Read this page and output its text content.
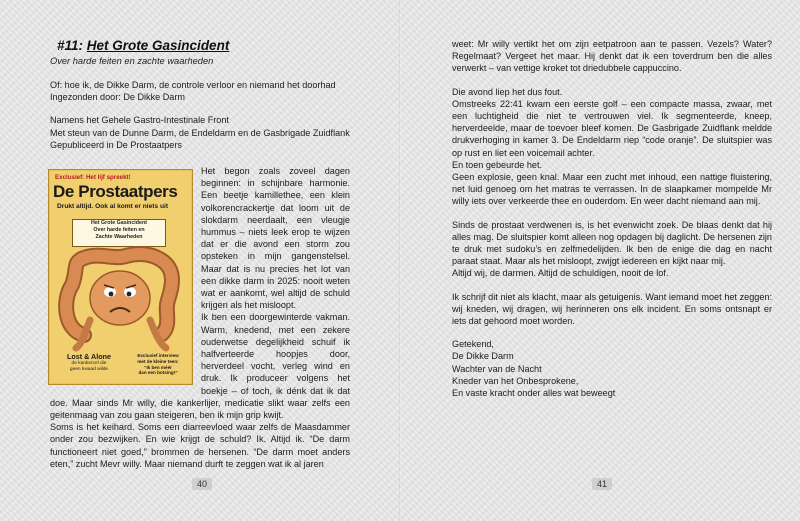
#11: Het Grote Gasincident
Over harde feiten en zachte waarheden

Of: hoe ik, de Dikke Darm, de controle verloor en niemand het doorhad

Ingezonden door: De Dikke Darm

Namens het Gehele Gastro-Intestinale Front

Met steun van de Dunne Darm, de Endeldarm en de Gasbrigade Zuidflank

Gepubliceerd in De Prostaatpers

Het begon zoals zoveel dagen beginnen: in schijnbare harmonie. Een beetje kamillethee, een klein volkorencrackertje dat loom uit de slokdarm neerdaalt, een vleugje hummus – niets leek erop te wijzen dat er die avond een storm zou opsteken in mijn gangenstelsel. Maar dat is nu precies het lot van een dikke darm in 2025: nooit weten wat er aankomt, wel altijd de schuld krijgen als het misloopt.

Ik ben een doorgewinterde vakman. Warm, knedend, met een zekere ouderwetse degelijkheid schuif ik halfverteerde hoopjes door, herverdeel vocht, verleg wind en druk. Ik produceer volgens het boekje – of toch, ik dénk dat ik dat doe. Maar sinds Mr willy, die kankerlijer, medicatie slikt waar zelfs een geitenmaag van zou gaan steigeren, ben ik mijn grip kwijt.

Soms is het keihard. Soms een diarreevloed waar zelfs de Maasdammer onder zou bezwijken. En wie krijgt de schuld? Ik. Altijd ik. “De darm functioneert niet goed,” brommen de hersenen. “De darm moet anders eten,” zucht Mevr willy. Maar niemand durft te zeggen wat ik al jaren

Exclusief: Het lijf spreekt!
De Prostaatpers
Drukt altijd. Ook al komt er niets uit
Het Grote Gasincident
Over harde feiten en
Zachte Waarheden
Lost & Alone
de kankercel die
geen kwaad wilde
Exclusief interview
met de kleine teen:
“Ik ben méér
dan een botsing!”
40

weet: Mr willy vertikt het om zijn eetpatroon aan te passen. Vezels? Water? Regelmaat? Vergeet het maar. Hij denkt dat ik een toverdrum ben die alles verwerkt – van vettige kroket tot driedubbele cappuccino.

Die avond liep het dus fout.

Omstreeks 22:41 kwam een eerste golf – een compacte massa, zwaar, met een luchtigheid die niet te vertrouwen viel. Ik segmenteerde, kneep, herverdeelde, maar de toevoer bleef komen. De Gasbrigade Zuidflank meldde drukverhoging in kamer 3. De Endeldarm riep “code oranje”. De sluitspier was op rust en liet een voicemail achter.

En toen gebeurde het.

Geen explosie, geen knal. Maar een zucht met inhoud, een nattige fluistering, net luid genoeg om het matras te verrassen. In de slaapkamer mompelde Mr willy iets over verkeerde thee en ouderdom. En weer dacht niemand aan mij.

Sinds de prostaat verdwenen is, is het evenwicht zoek. De blaas denkt dat hij alles mag. De sluitspier komt alleen nog opdagen bij daglicht. De hersenen zijn te druk met sudoku’s en zelfmedelijden. Ik ben de enige die dag en nacht paraat staat. Maar als het misloopt, zwijgt iedereen en kijkt naar mij.

Altijd wij, de darmen. Altijd de schuldigen, nooit de lof.

Ik schrijf dit niet als klacht, maar als getuigenis. Want iemand moet het zeggen: wij kneden, wij dragen, wij herinneren ons elk incident. En soms ontsnapt er iets dat gehoord moet worden.

Getekend,

De Dikke Darm

Wachter van de Nacht

Kneder van het Onbesprokene,

En vaste kracht onder alles wat beweegt

41
